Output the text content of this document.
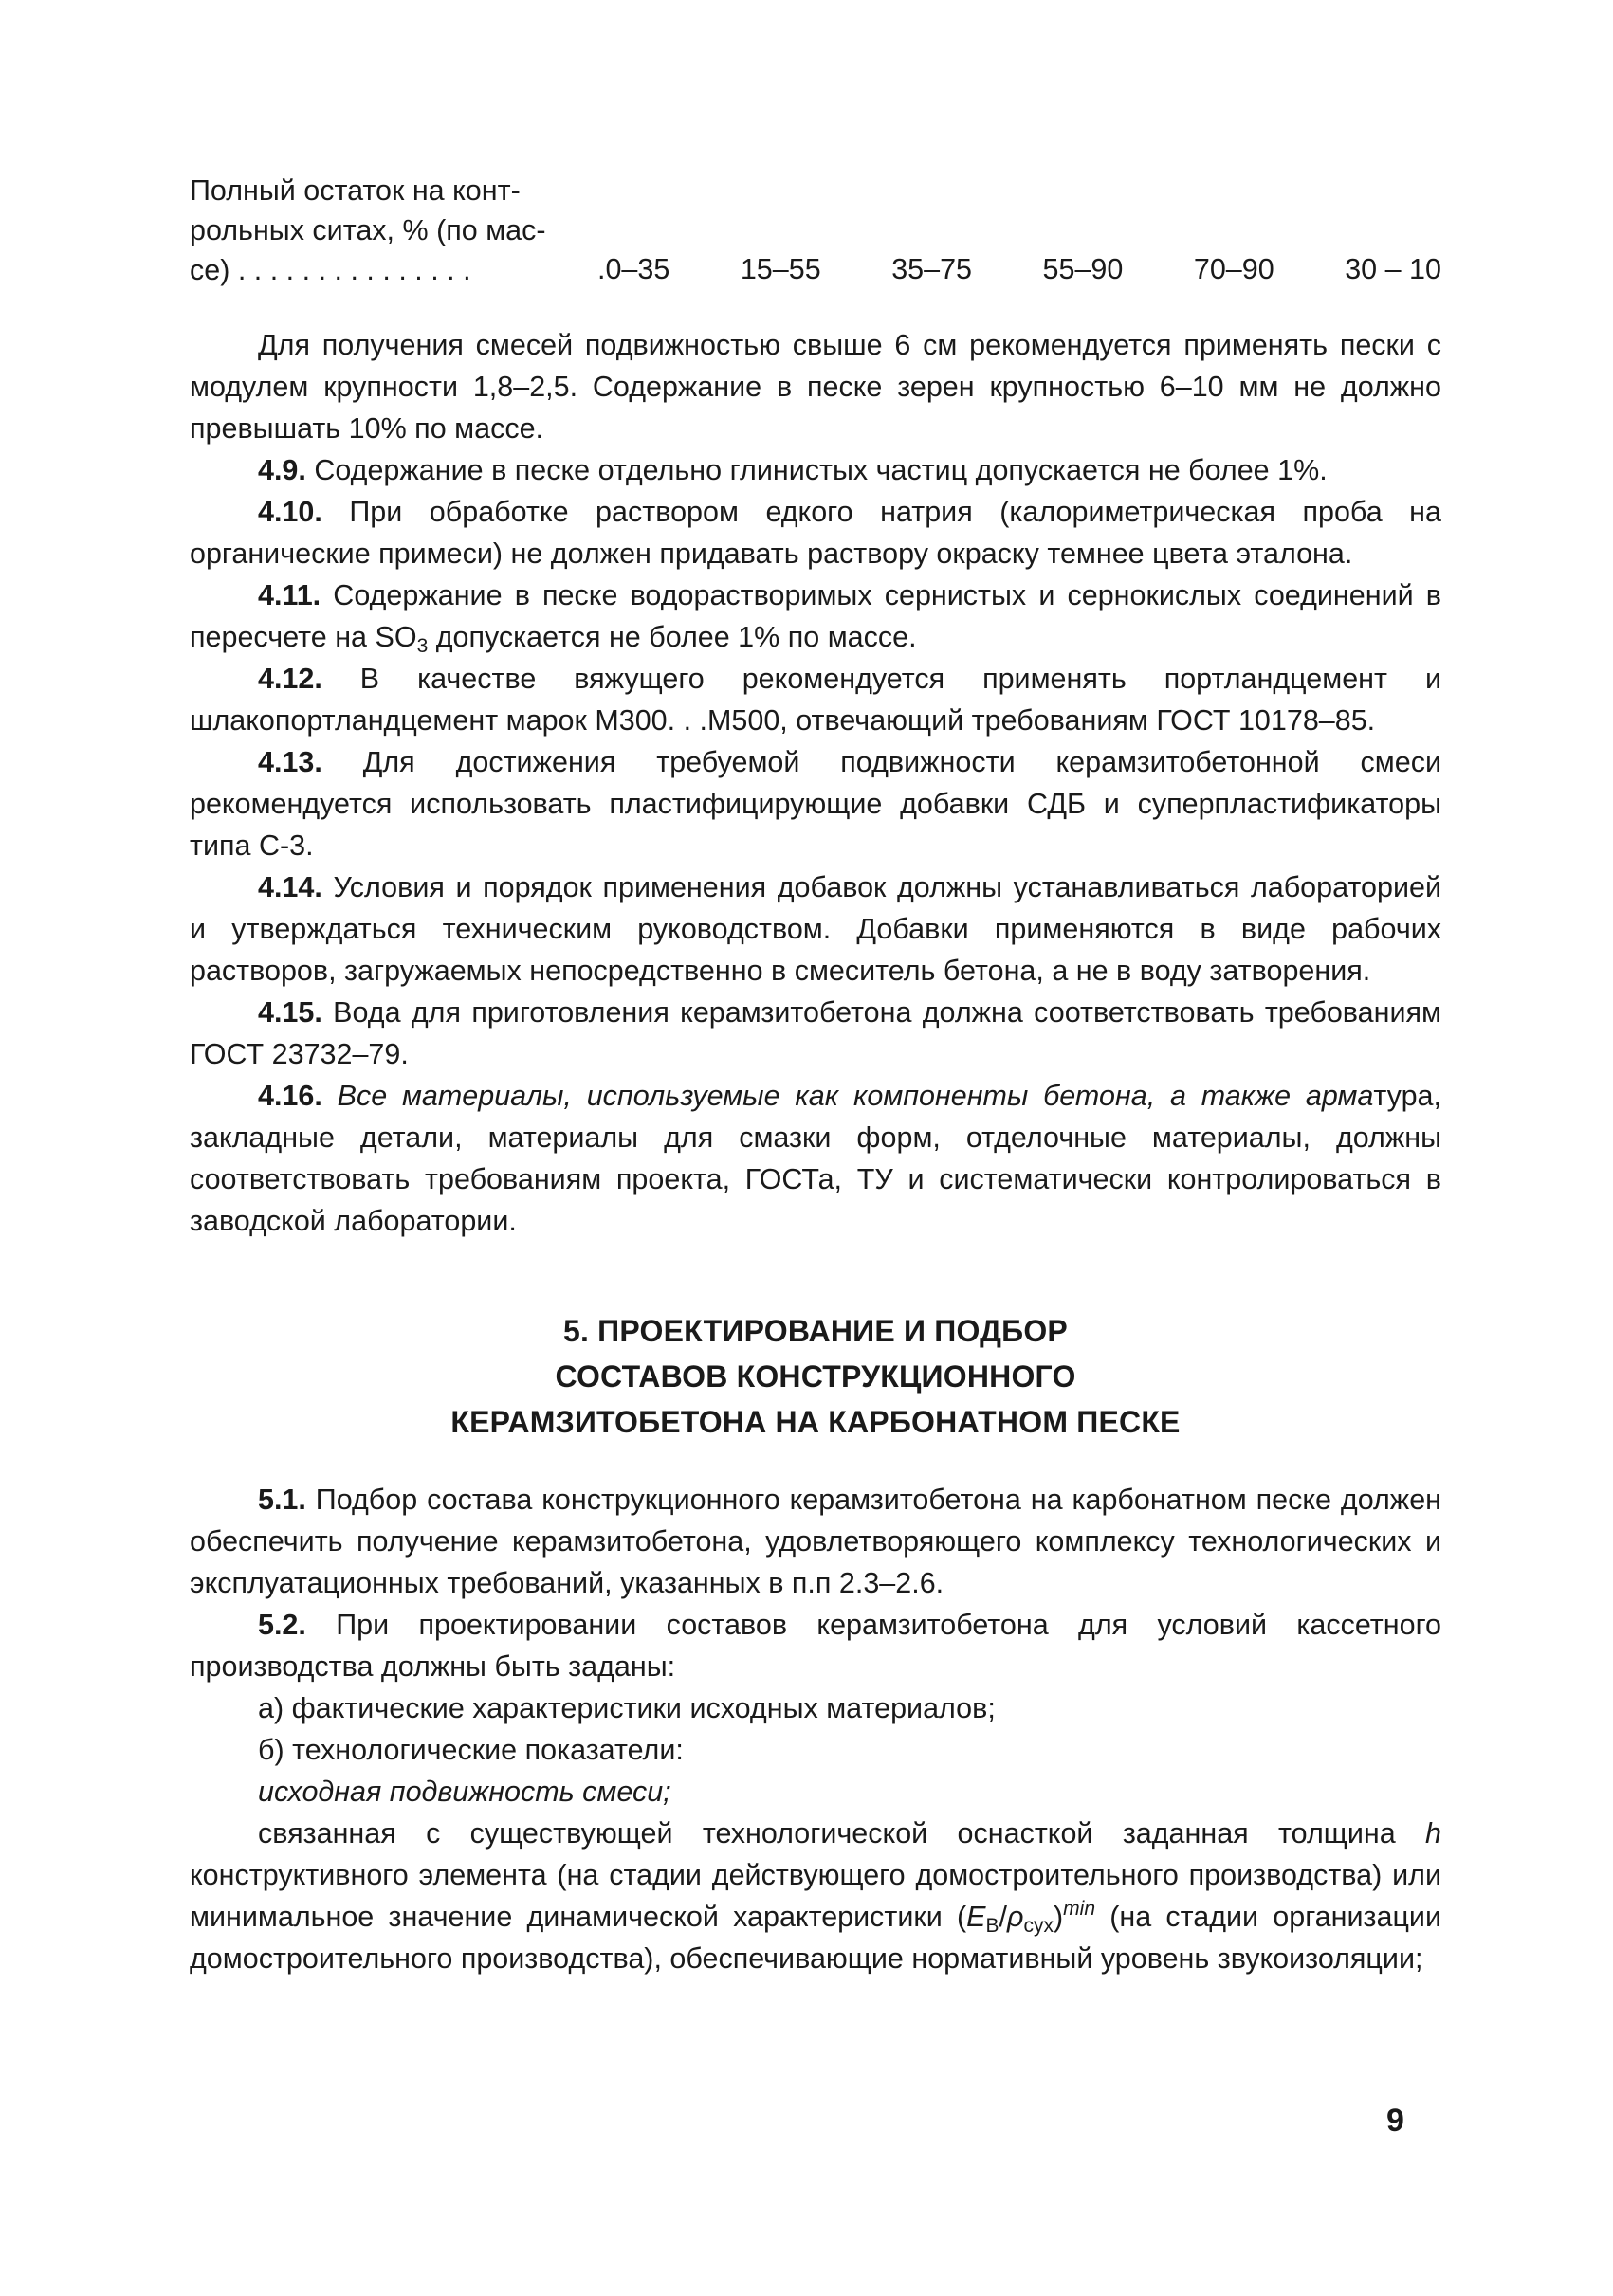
Полный остаток на конт-
рольных ситах, % (по мас-
се) . . . . . . . . . . . . . . .	.0–35 15–55 35–75 55–90 70–90 30 – 10

Для получения смесей подвижностью свыше 6 см рекомендуется применять пески с модулем крупности 1,8–2,5. Содержание в песке зерен крупностью 6–10 мм не должно превышать 10% по массе.

4.9. Содержание в песке отдельно глинистых частиц допускается не более 1%.

4.10. При обработке раствором едкого натрия (калориметрическая проба на органические примеси) не должен придавать раствору окраску темнее цвета эталона.

4.11. Содержание в песке водорастворимых сернистых и сернокислых соединений в пересчете на $SO_3$ допускается не более 1% по массе.

4.12. В качестве вяжущего рекомендуется применять портландцемент и шлакопортландцемент марок М300. . .М500, отвечающий требованиям ГОСТ 10178–85.

4.13. Для достижения требуемой подвижности керамзитобетонной смеси рекомендуется использовать пластифицирующие добавки СДБ и суперпластификаторы типа С-3.

4.14. Условия и порядок применения добавок должны устанавливаться лабораторией и утверждаться техническим руководством. Добавки применяются в виде рабочих растворов, загружаемых непосредственно в смеситель бетона, а не в воду затворения.

4.15. Вода для приготовления керамзитобетона должна соответствовать требованиям ГОСТ 23732–79.

4.16. Все материалы, используемые как компоненты бетона, а также арматура, закладные детали, материалы для смазки форм, отделочные материалы, должны соответствовать требованиям проекта, ГОСТа, ТУ и систематически контролироваться в заводской лаборатории.

5. ПРОЕКТИРОВАНИЕ И ПОДБОР

СОСТАВОВ КОНСТРУКЦИОННОГО

КЕРАМЗИТОБЕТОНА НА КАРБОНАТНОМ ПЕСКЕ

5.1. Подбор состава конструкционного керамзитобетона на карбонатном песке должен обеспечить получение керамзитобетона, удовлетворяющего комплексу технологических и эксплуатационных требований, указанных в п.п 2.3–2.6.

5.2. При проектировании составов керамзитобетона для условий кассетного производства должны быть заданы:

а) фактические характеристики исходных материалов;

б) технологические показатели:

исходная подвижность смеси;

связанная с существующей технологической оснасткой заданная толщина h конструктивного элемента (на стадии действующего домостроительного производства) или минимальное значение динамической характеристики $(E_B/\rho_{сух})^{min}$ (на стадии организации домостроительного производства), обеспечивающие нормативный уровень звукоизоляции;

9
